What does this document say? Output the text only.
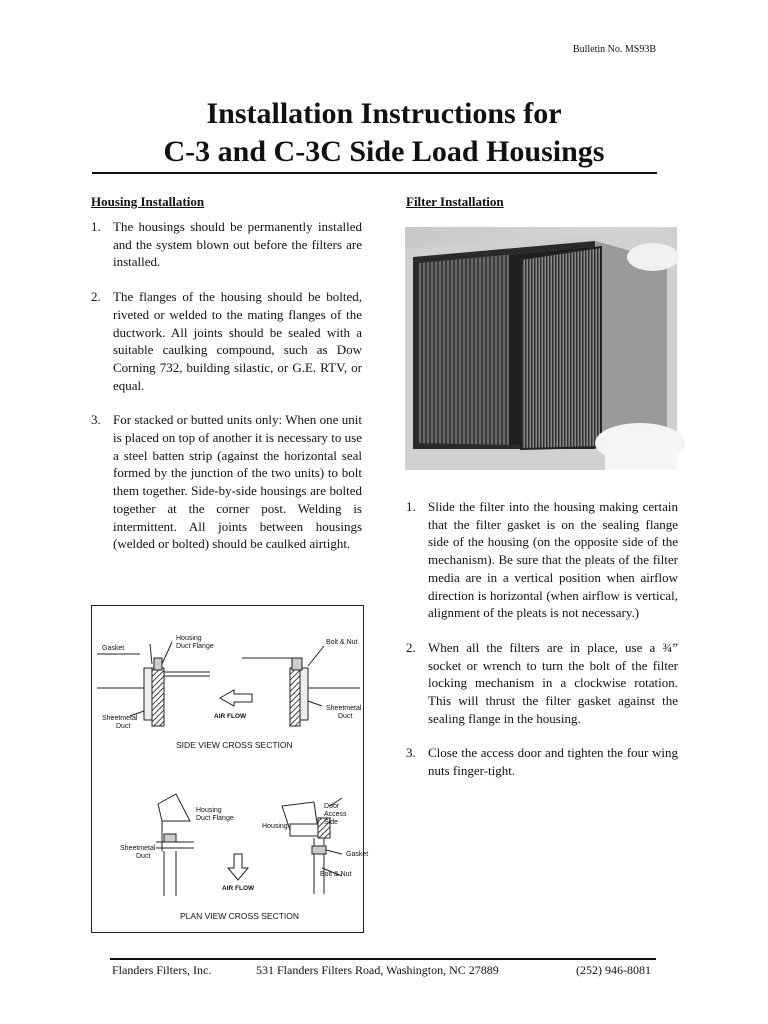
Bulletin No. MS93B
Installation Instructions for
C-3 and C-3C Side Load Housings
Housing Installation
1. The housings should be permanently installed and the system blown out before the filters are installed.
2. The flanges of the housing should be bolted, riveted or welded to the mating flanges of the ductwork. All joints should be sealed with a suitable caulking compound, such as Dow Corning 732, building silastic, or G.E. RTV, or equal.
3. For stacked or butted units only: When one unit is placed on top of another it is necessary to use a steel batten strip (against the horizontal seal formed by the junction of the two units) to bolt them together. Side-by-side housings are bolted together at the corner post. Welding is intermittent. All joints between housings (welded or bolted) should be caulked airtight.
Filter Installation
1. Slide the filter into the housing making certain that the filter gasket is on the sealing flange side of the housing (on the opposite side of the mechanism). Be sure that the pleats of the filter media are in a vertical position when airflow direction is horizontal (when airflow is vertical, alignment of the pleats is not necessary.)
2. When all the filters are in place, use a ¾” socket or wrench to turn the bolt of the filter locking mechanism in a clockwise rotation. This will thrust the filter gasket against the sealing flange in the housing.
3. Close the access door and tighten the four wing nuts finger-tight.
Gasket
Housing
Duct Flange
Bolt & Nut
Sheetmetal
Duct
Sheetmetal
Duct
AIR FLOW
SIDE VIEW CROSS SECTION
Housing
Duct Flange
Housing
Door
Access
Side
Sheetmetal
Duct	Gasket
Bolt & Nut
AIR FLOW
PLAN VIEW CROSS SECTION
Flanders Filters, Inc.	531 Flanders Filters Road, Washington, NC 27889	(252) 946-8081
